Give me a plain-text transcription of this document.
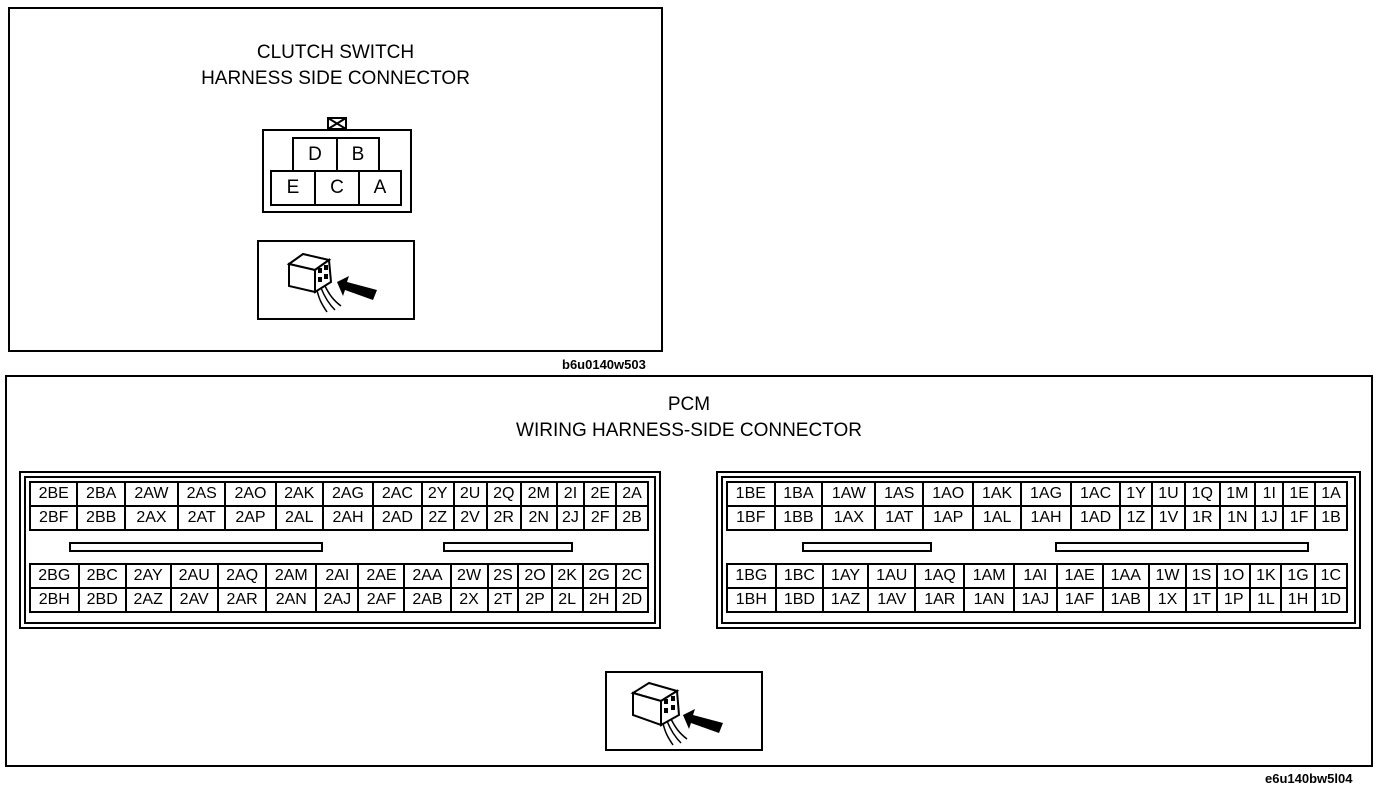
CLUTCH SWITCH
HARNESS SIDE CONNECTOR
D	B
E	C	A
b6u0140w503
PCM
WIRING HARNESS-SIDE CONNECTOR
2BE	2BA	2AW	2AS	2AO	2AK	2AG	2AC	2Y	2U	2Q	2M	2I	2E	2A
2BF	2BB	2AX	2AT	2AP	2AL	2AH	2AD	2Z	2V	2R	2N	2J	2F	2B
2BG	2BC	2AY	2AU	2AQ	2AM	2AI	2AE	2AA	2W	2S	2O	2K	2G	2C
2BH	2BD	2AZ	2AV	2AR	2AN	2AJ	2AF	2AB	2X	2T	2P	2L	2H	2D
1BE	1BA	1AW	1AS	1AO	1AK	1AG	1AC	1Y	1U	1Q	1M	1I	1E	1A
1BF	1BB	1AX	1AT	1AP	1AL	1AH	1AD	1Z	1V	1R	1N	1J	1F	1B
1BG	1BC	1AY	1AU	1AQ	1AM	1AI	1AE	1AA	1W	1S	1O	1K	1G	1C
1BH	1BD	1AZ	1AV	1AR	1AN	1AJ	1AF	1AB	1X	1T	1P	1L	1H	1D
e6u140bw5l04
